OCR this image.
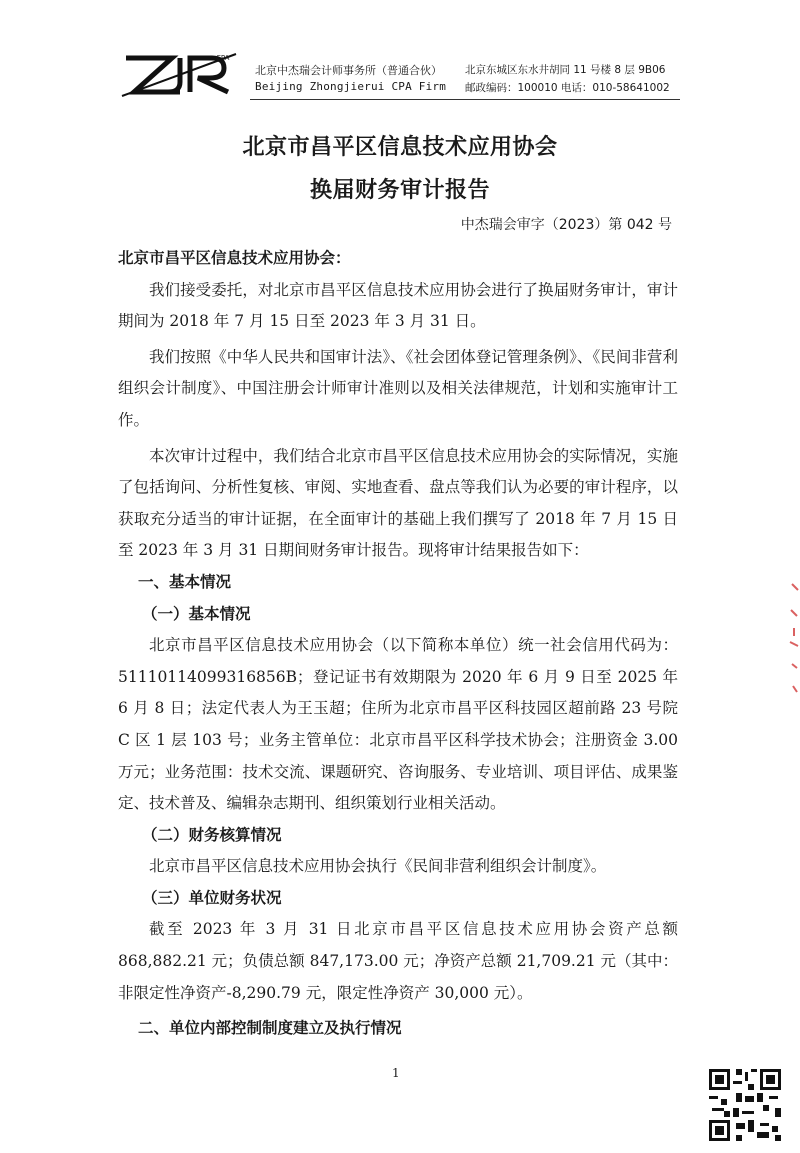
CPA
北京中杰瑞会计师事务所（普通合伙）
Beijing Zhongjierui CPA Firm
北京东城区东水井胡同 11 号楼 8 层 9B06
邮政编码：100010 电话：010-58641002
北京市昌平区信息技术应用协会
换届财务审计报告
中杰瑞会审字（2023）第 042 号

北京市昌平区信息技术应用协会：

我们接受委托，对北京市昌平区信息技术应用协会进行了换届财务审计，审计期间为 2018 年 7 月 15 日至 2023 年 3 月 31 日。

我们按照《中华人民共和国审计法》、《社会团体登记管理条例》、《民间非营利组织会计制度》、中国注册会计师审计准则以及相关法律规范，计划和实施审计工作。

本次审计过程中，我们结合北京市昌平区信息技术应用协会的实际情况，实施了包括询问、分析性复核、审阅、实地查看、盘点等我们认为必要的审计程序，以获取充分适当的审计证据，在全面审计的基础上我们撰写了 2018 年 7 月 15 日至 2023 年 3 月 31 日期间财务审计报告。现将审计结果报告如下：

一、基本情况

（一）基本情况

北京市昌平区信息技术应用协会（以下简称本单位）统一社会信用代码为：51110114099316856B；登记证书有效期限为 2020 年 6 月 9 日至 2025 年 6 月 8 日；法定代表人为王玉超；住所为北京市昌平区科技园区超前路 23 号院 C 区 1 层 103 号；业务主管单位：北京市昌平区科学技术协会；注册资金 3.00 万元；业务范围：技术交流、课题研究、咨询服务、专业培训、项目评估、成果鉴定、技术普及、编辑杂志期刊、组织策划行业相关活动。

（二）财务核算情况

北京市昌平区信息技术应用协会执行《民间非营利组织会计制度》。

（三）单位财务状况

截至 2023 年 3 月 31 日北京市昌平区信息技术应用协会资产总额 868,882.21 元；负债总额 847,173.00 元；净资产总额 21,709.21 元（其中：非限定性净资产-8,290.79 元，限定性净资产 30,000 元）。

二、单位内部控制制度建立及执行情况

1
